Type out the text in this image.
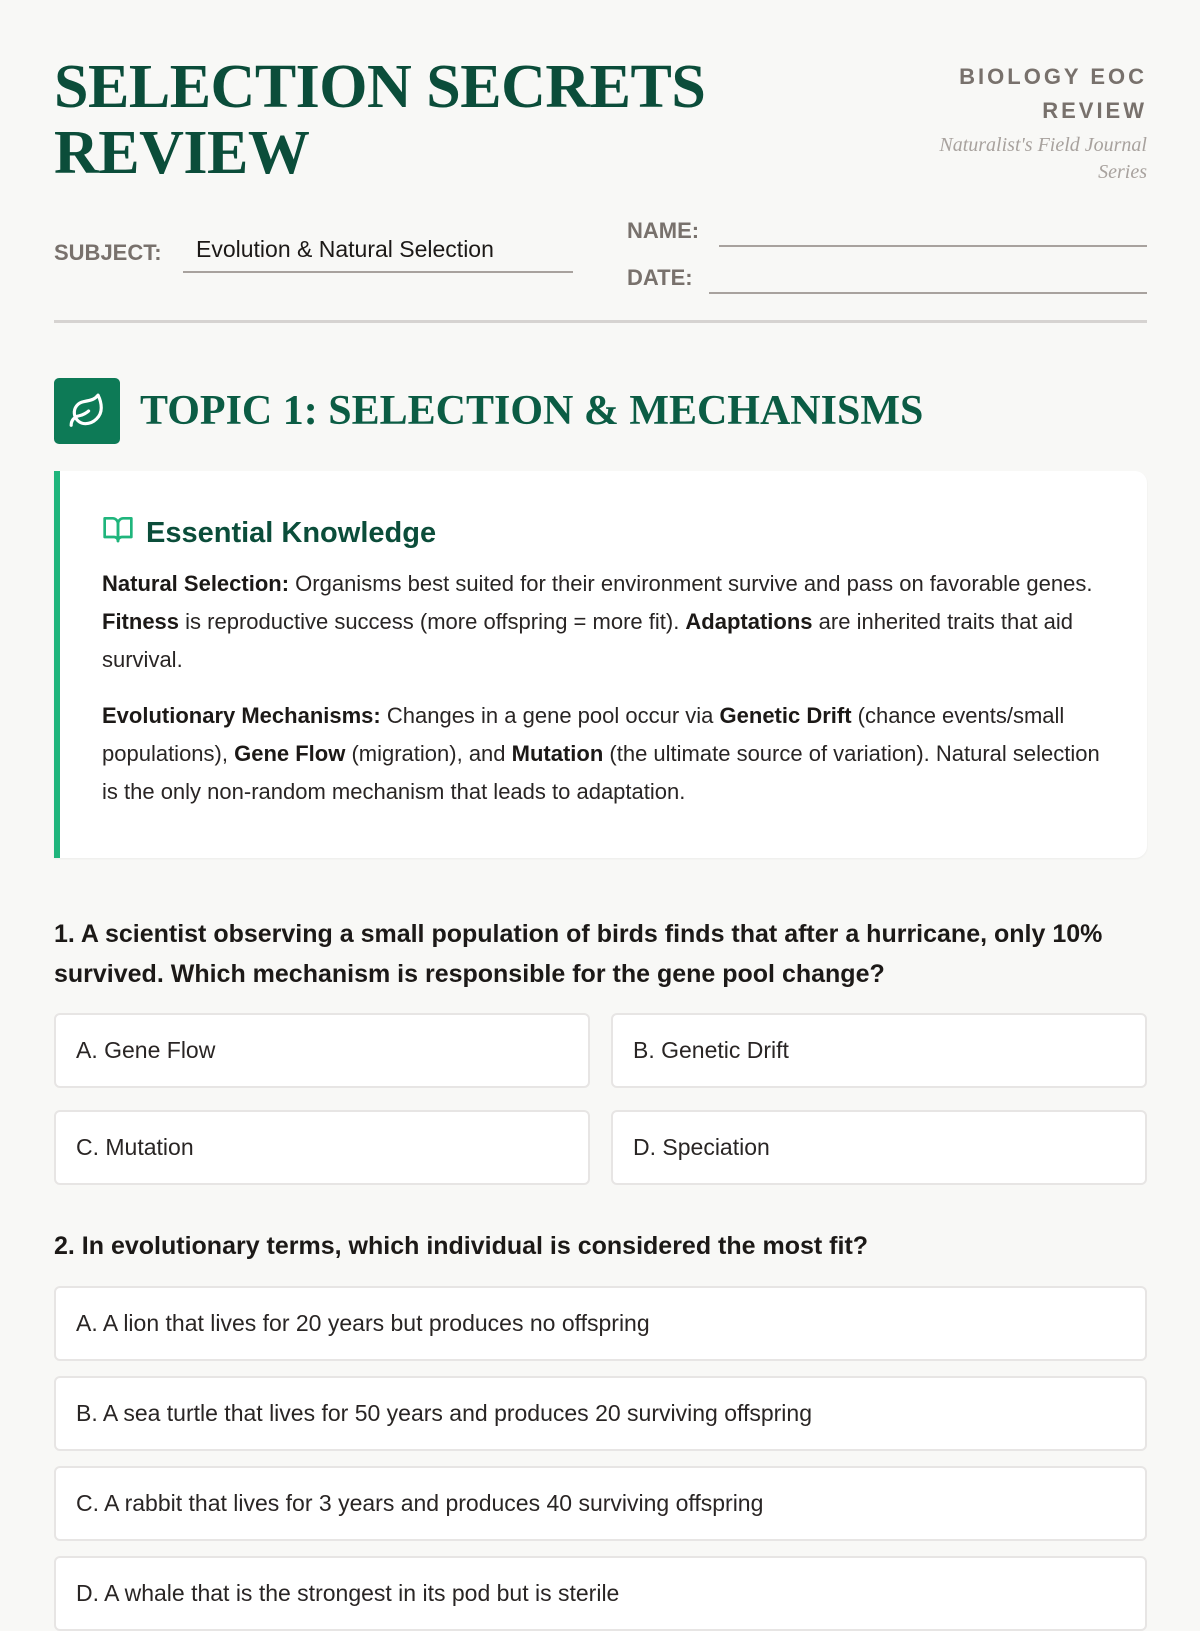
SELECTION SECRETS
REVIEW
BIOLOGY EOC
REVIEW
Naturalist's Field Journal
Series
SUBJECT: Evolution & Natural Selection
NAME:
DATE:
TOPIC 1: SELECTION & MECHANISMS
Essential Knowledge

Natural Selection: Organisms best suited for their environment survive and pass on favorable genes. Fitness is reproductive success (more offspring = more fit). Adaptations are inherited traits that aid survival.

Evolutionary Mechanisms: Changes in a gene pool occur via Genetic Drift (chance events/small populations), Gene Flow (migration), and Mutation (the ultimate source of variation). Natural selection is the only non-random mechanism that leads to adaptation.

1. A scientist observing a small population of birds finds that after a hurricane, only 10% survived. Which mechanism is responsible for the gene pool change?
A. Gene Flow	B. Genetic Drift
C. Mutation	D. Speciation
2. In evolutionary terms, which individual is considered the most fit?
A. A lion that lives for 20 years but produces no offspring
B. A sea turtle that lives for 50 years and produces 20 surviving offspring
C. A rabbit that lives for 3 years and produces 40 surviving offspring
D. A whale that is the strongest in its pod but is sterile
